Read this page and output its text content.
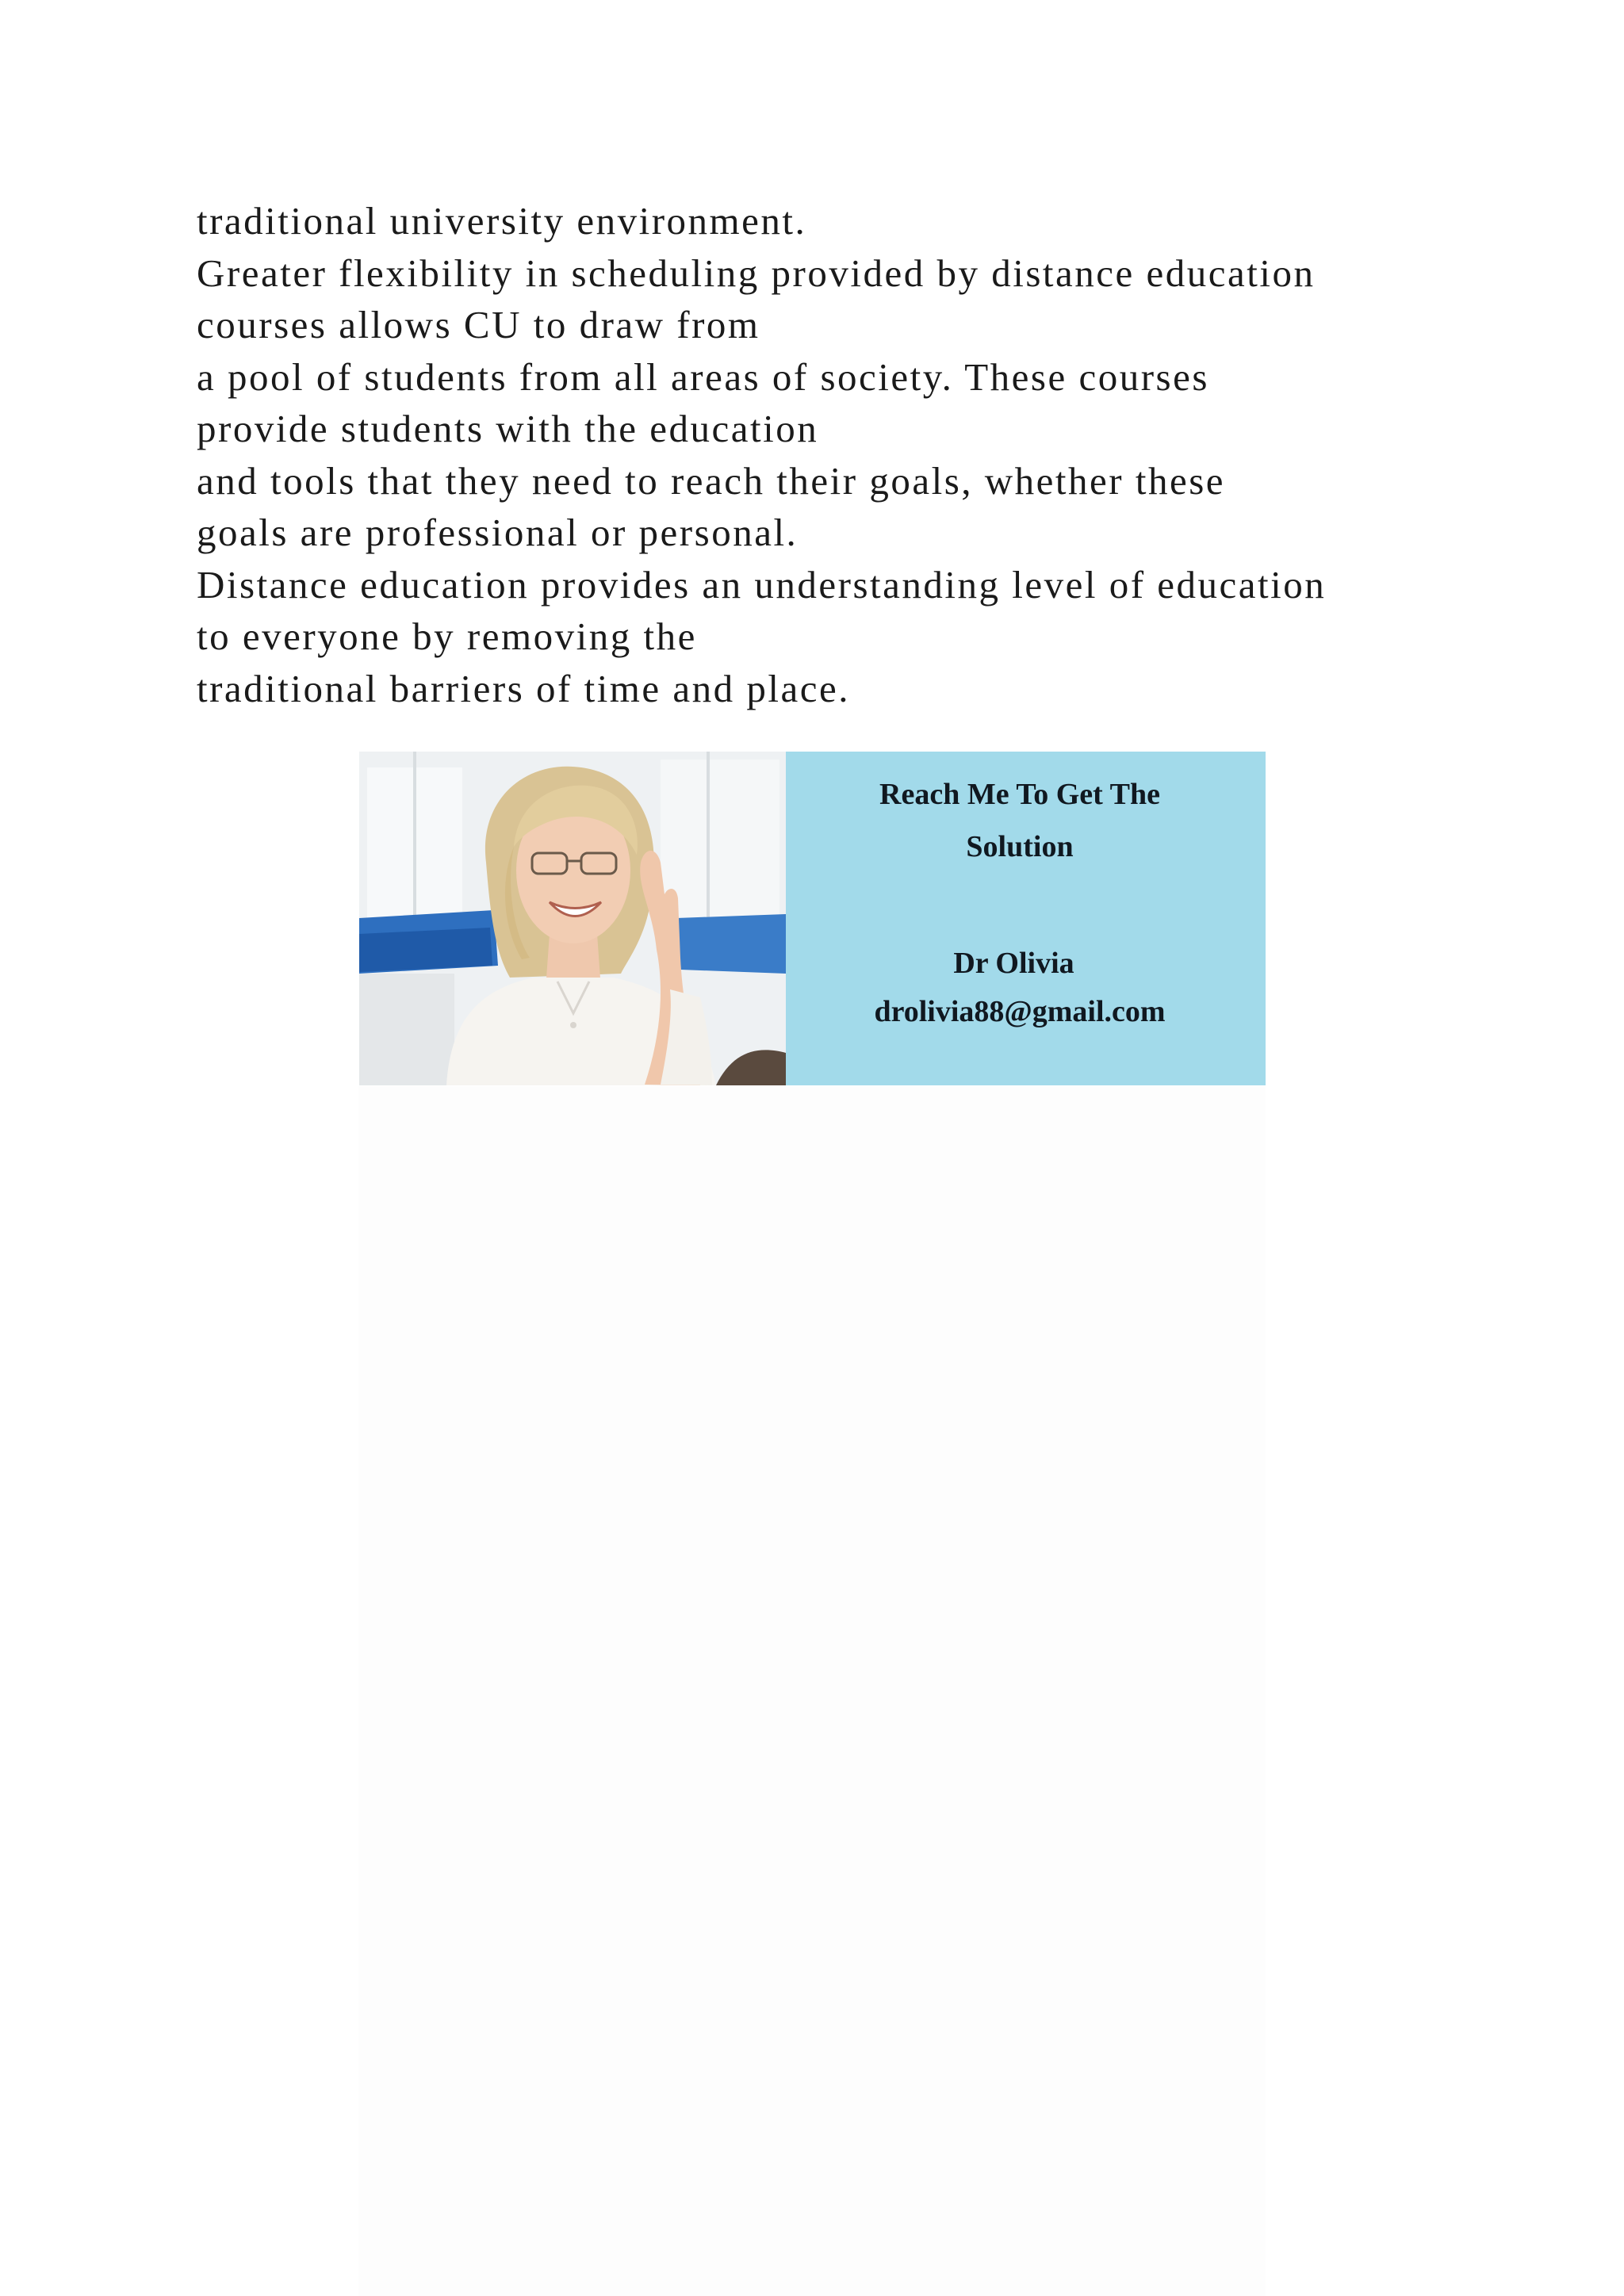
traditional university environment.
Greater flexibility in scheduling provided by distance education
courses allows CU to draw from
a pool of students from all areas of society. These courses
provide students with the education
and tools that they need to reach their goals, whether these
goals are professional or personal.
Distance education provides an understanding level of education
to everyone by removing the
traditional barriers of time and place.
Reach Me To Get The
Solution
Dr Olivia
drolivia88@gmail.com
